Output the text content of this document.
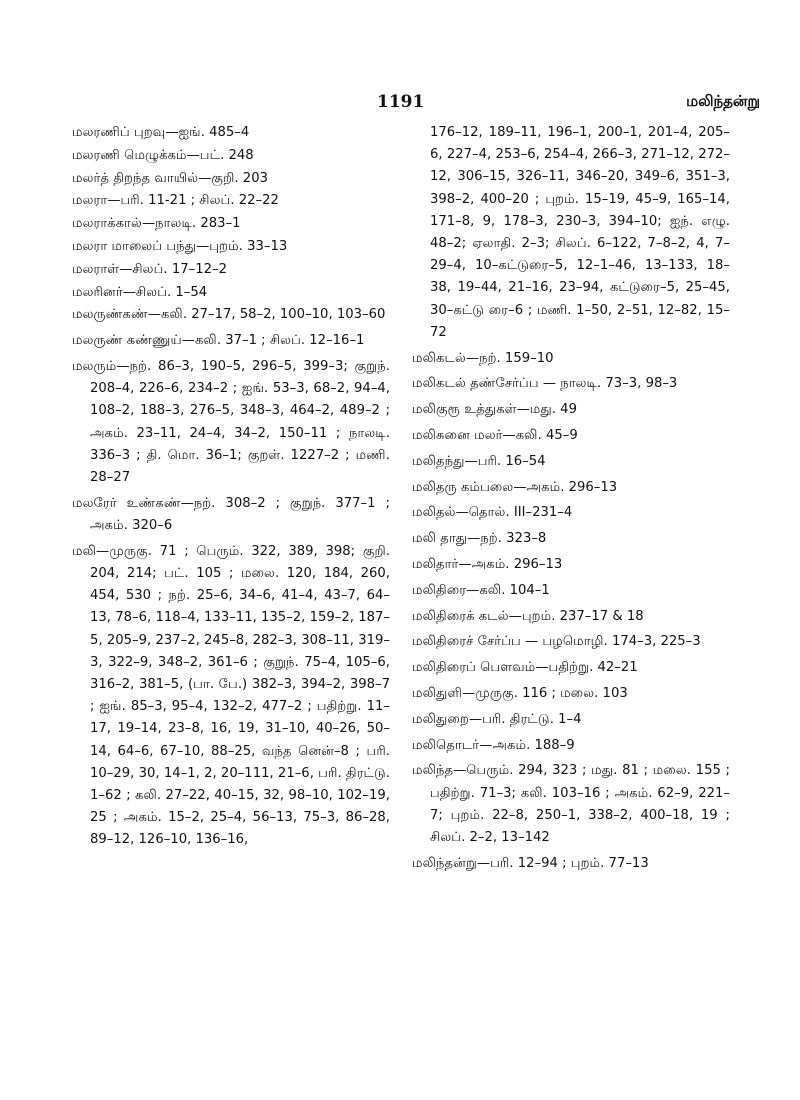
1191	மலிந்தன்று

மலரணிப் புறவு—ஐங். 485–4

மலரணி மெழுக்கம்—பட். 248

மலர்த் திறந்த வாயில்—குறி. 203

மலரா—பரி. 11-21 ; சிலப். 22–22

மலராக்கால்—நாலடி. 283–1

மலரா மாலைப் பந்து—புறம். 33–13

மலராள்—சிலப். 17–12–2

மலரினர்—சிலப். 1–54

மலருண்கண்—கலி. 27–17, 58–2, 100–10, 103–60

மலருண் கண்ணுய்—கலி. 37–1 ; சிலப். 12–16–1

மலரும்—நற். 86–3, 190–5, 296–5, 399–3; குறுந். 208–4, 226–6, 234–2 ; ஐங். 53–3, 68–2, 94–4, 108–2, 188–3, 276–5, 348–3, 464–2, 489–2 ; அகம். 23–11, 24–4, 34–2, 150–11 ; நாலடி. 336–3 ; தி. மொ. 36–1; குறள். 1227–2 ; மணி. 28–27

மலரேர் உண்கண்—நற். 308–2 ; குறுந். 377–1 ; அகம். 320–6

மலி—முருகு. 71 ; பெரும். 322, 389, 398; குறி. 204, 214; பட். 105 ; மலை. 120, 184, 260, 454, 530 ; நற். 25–6, 34–6, 41–4, 43–7, 64–13, 78–6, 118–4, 133–11, 135–2, 159–2, 187–5, 205–9, 237–2, 245–8, 282–3, 308–11, 319–3, 322–9, 348–2, 361–6 ; குறுந். 75–4, 105–6, 316–2, 381–5, (பா. பே.) 382–3, 394–2, 398–7 ; ஐங். 85–3, 95–4, 132–2, 477–2 ; பதிற்று. 11–17, 19–14, 23–8, 16, 19, 31–10, 40–26, 50–14, 64–6, 67–10, 88–25, வந்த னென்–8 ; பரி. 10–29, 30, 14–1, 2, 20–111, 21–6, பரி. திரட்டு. 1–62 ; கலி. 27–22, 40–15, 32, 98–10, 102–19, 25 ; அகம். 15–2, 25–4, 56–13, 75–3, 86–28, 89–12, 126–10, 136–16,

176–12, 189–11, 196–1, 200–1, 201–4, 205–6, 227–4, 253–6, 254–4, 266–3, 271–12, 272–12, 306–15, 326–11, 346–20, 349–6, 351–3, 398–2, 400–20 ; புறம். 15–19, 45–9, 165–14, 171–8, 9, 178–3, 230–3, 394–10; ஐந். எழு. 48–2; ஏலாதி. 2–3; சிலப். 6–122, 7–8–2, 4, 7–29–4, 10–கட்டுரை–5, 12–1–46, 13–133, 18–38, 19–44, 21–16, 23–94, கட்டுரை–5, 25–45, 30–கட்டு ரை–6 ; மணி. 1–50, 2–51, 12–82, 15–72

மலிகடல்—நற். 159–10

மலிகடல் தண்சேர்ப்ப — நாலடி. 73–3, 98–3

மலிகுரூ உத்துகள்—மது. 49

மலிசுனை மலர்—கலி. 45–9

மலிதந்து—பரி. 16–54

மலிதரு கம்பலை—அகம். 296–13

மலிதல்—தொல். III–231–4

மலி தாது—நற். 323–8

மலிதார்—அகம். 296–13

மலிதிரை—கலி. 104–1

மலிதிரைக் கடல்—புறம். 237–17 & 18

மலிதிரைச் சேர்ப்ப — பழமொழி. 174–3, 225–3

மலிதிரைப் பௌவம்—பதிற்று. 42–21

மலிதுளி—முருகு. 116 ; மலை. 103

மலிதுறை—பரி. திரட்டு. 1–4

மலிதொடர்—அகம். 188–9

மலிந்த—பெரும். 294, 323 ; மது. 81 ; மலை. 155 ; பதிற்று. 71–3; கலி. 103–16 ; அகம். 62–9, 221–7; புறம். 22–8, 250–1, 338–2, 400–18, 19 ; சிலப். 2–2, 13–142

மலிந்தன்று—பரி. 12–94 ; புறம். 77–13
